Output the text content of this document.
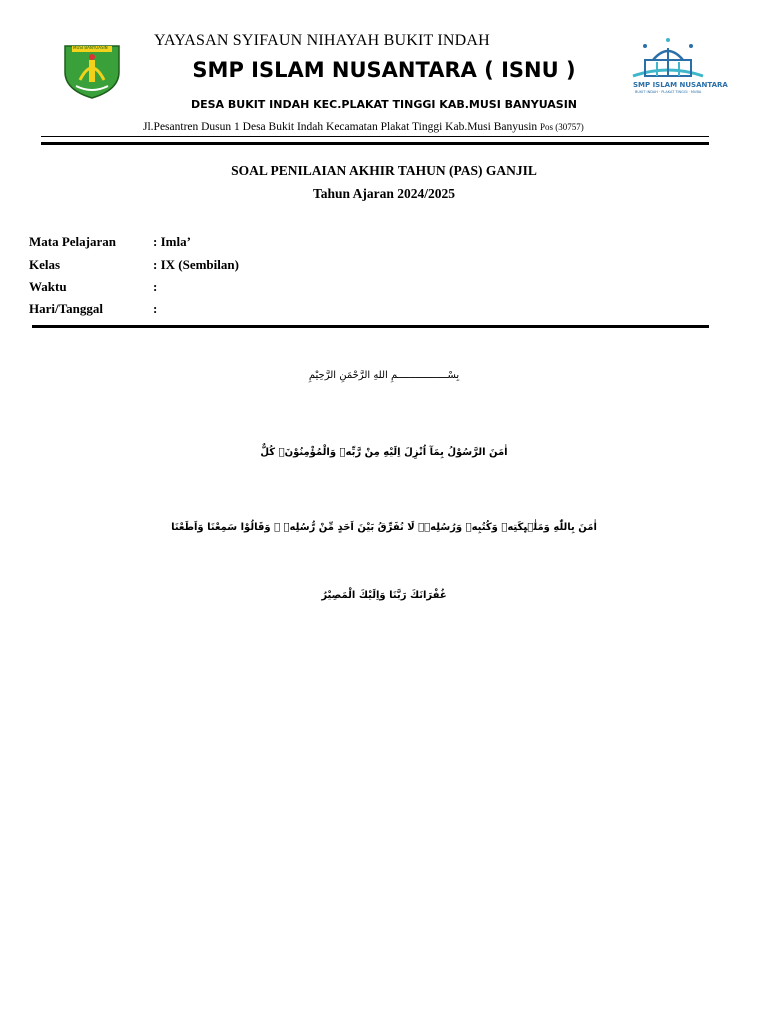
MUSI BANYUASIN
SMP ISLAM NUSANTARA
BUKIT INDAH · PLAKAT TINGGI · MUBA
YAYASAN SYIFAUN NIHAYAH BUKIT INDAH
SMP ISLAM NUSANTARA ( ISNU )
DESA BUKIT INDAH KEC.PLAKAT TINGGI KAB.MUSI BANYUASIN
Jl.Pesantren Dusun 1 Desa Bukit Indah Kecamatan Plakat Tinggi Kab.Musi Banyusin Pos (30757)
SOAL PENILAIAN AKHIR TAHUN (PAS) GANJIL
Tahun Ajaran 2024/2025
Mata Pelajaran	: Imla’
Kelas	: IX (Sembilan)
Waktu	:
Hari/Tanggal	:
بِسْـــــــــــــــــمِ اللهِ الرَّحْمَنِ الرَّحِيْمِ
اٰمَنَ الرَّسُوْلُ بِمَآ اُنْزِلَ اِلَيْهِ مِنْ رَّبِّهٖ وَالْمُؤْمِنُوْنَۗ كُلٌّ
اٰمَنَ بِاللّٰهِ وَمَلٰۤىِٕكَتِهٖ وَكُتُبِهٖ وَرُسُلِهٖۗ لَا نُفَرِّقُ بَيْنَ اَحَدٍ مِّنْ رُّسُلِهٖ ۗ وَقَالُوْا سَمِعْنَا وَاَطَعْنَا
غُفْرَانَكَ رَبَّنَا وَاِلَيْكَ الْمَصِيْرُ
